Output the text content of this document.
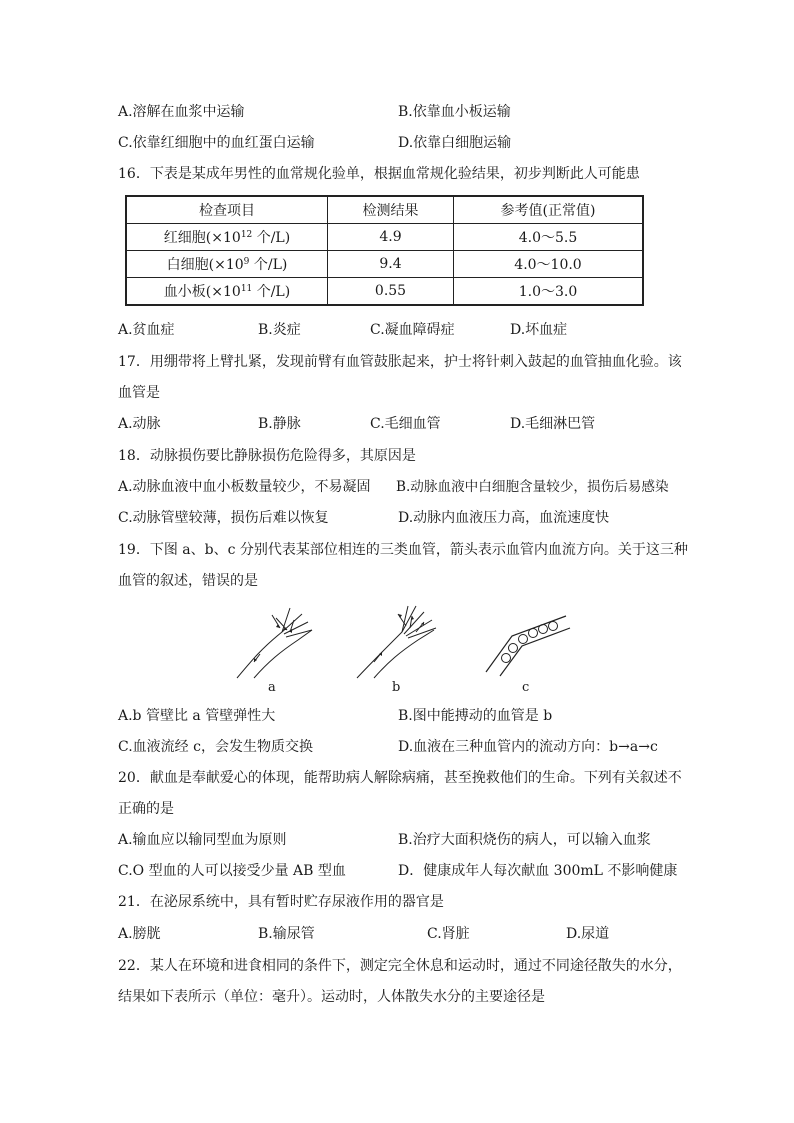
A.溶解在血浆中运输	B.依靠血小板运输
C.依靠红细胞中的血红蛋白运输	D.依靠白细胞运输
16．下表是某成年男性的血常规化验单，根据血常规化验结果，初步判断此人可能患
检查项目	检测结果	参考值(正常值)
红细胞($\times 10^{12}$ 个/L)	4.9	4.0～5.5
白细胞($\times 10^9$ 个/L)	9.4	4.0～10.0
血小板($\times 10^{11}$ 个/L)	0.55	1.0～3.0
A.贫血症	B.炎症	C.凝血障碍症	D.坏血症
17．用绷带将上臂扎紧，发现前臂有血管鼓胀起来，护士将针刺入鼓起的血管抽血化验。该
血管是
A.动脉	B.静脉	C.毛细血管	D.毛细淋巴管
18．动脉损伤要比静脉损伤危险得多，其原因是
A.动脉血液中血小板数量较少，不易凝固 B.动脉血液中白细胞含量较少，损伤后易感染
C.动脉管壁较薄，损伤后难以恢复	D.动脉内血液压力高，血流速度快
19．下图 a、b、c 分别代表某部位相连的三类血管，箭头表示血管内血流方向。关于这三种
血管的叙述，错误的是
a	b	c
A.b 管壁比 a 管壁弹性大	B.图中能搏动的血管是 b
C.血液流经 c，会发生物质交换	D.血液在三种血管内的流动方向：b→a→c
20．献血是奉献爱心的体现，能帮助病人解除病痛，甚至挽救他们的生命。下列有关叙述不
正确的是
A.输血应以输同型血为原则	B.治疗大面积烧伤的病人，可以输入血浆
C.O 型血的人可以接受少量 AB 型血	D．健康成年人每次献血 300mL 不影响健康
21．在泌尿系统中，具有暂时贮存尿液作用的器官是
A.膀胱	B.输尿管	C.肾脏	D.尿道
22．某人在环境和进食相同的条件下，测定完全休息和运动时，通过不同途径散失的水分，
结果如下表所示（单位：毫升）。运动时，人体散失水分的主要途径是
